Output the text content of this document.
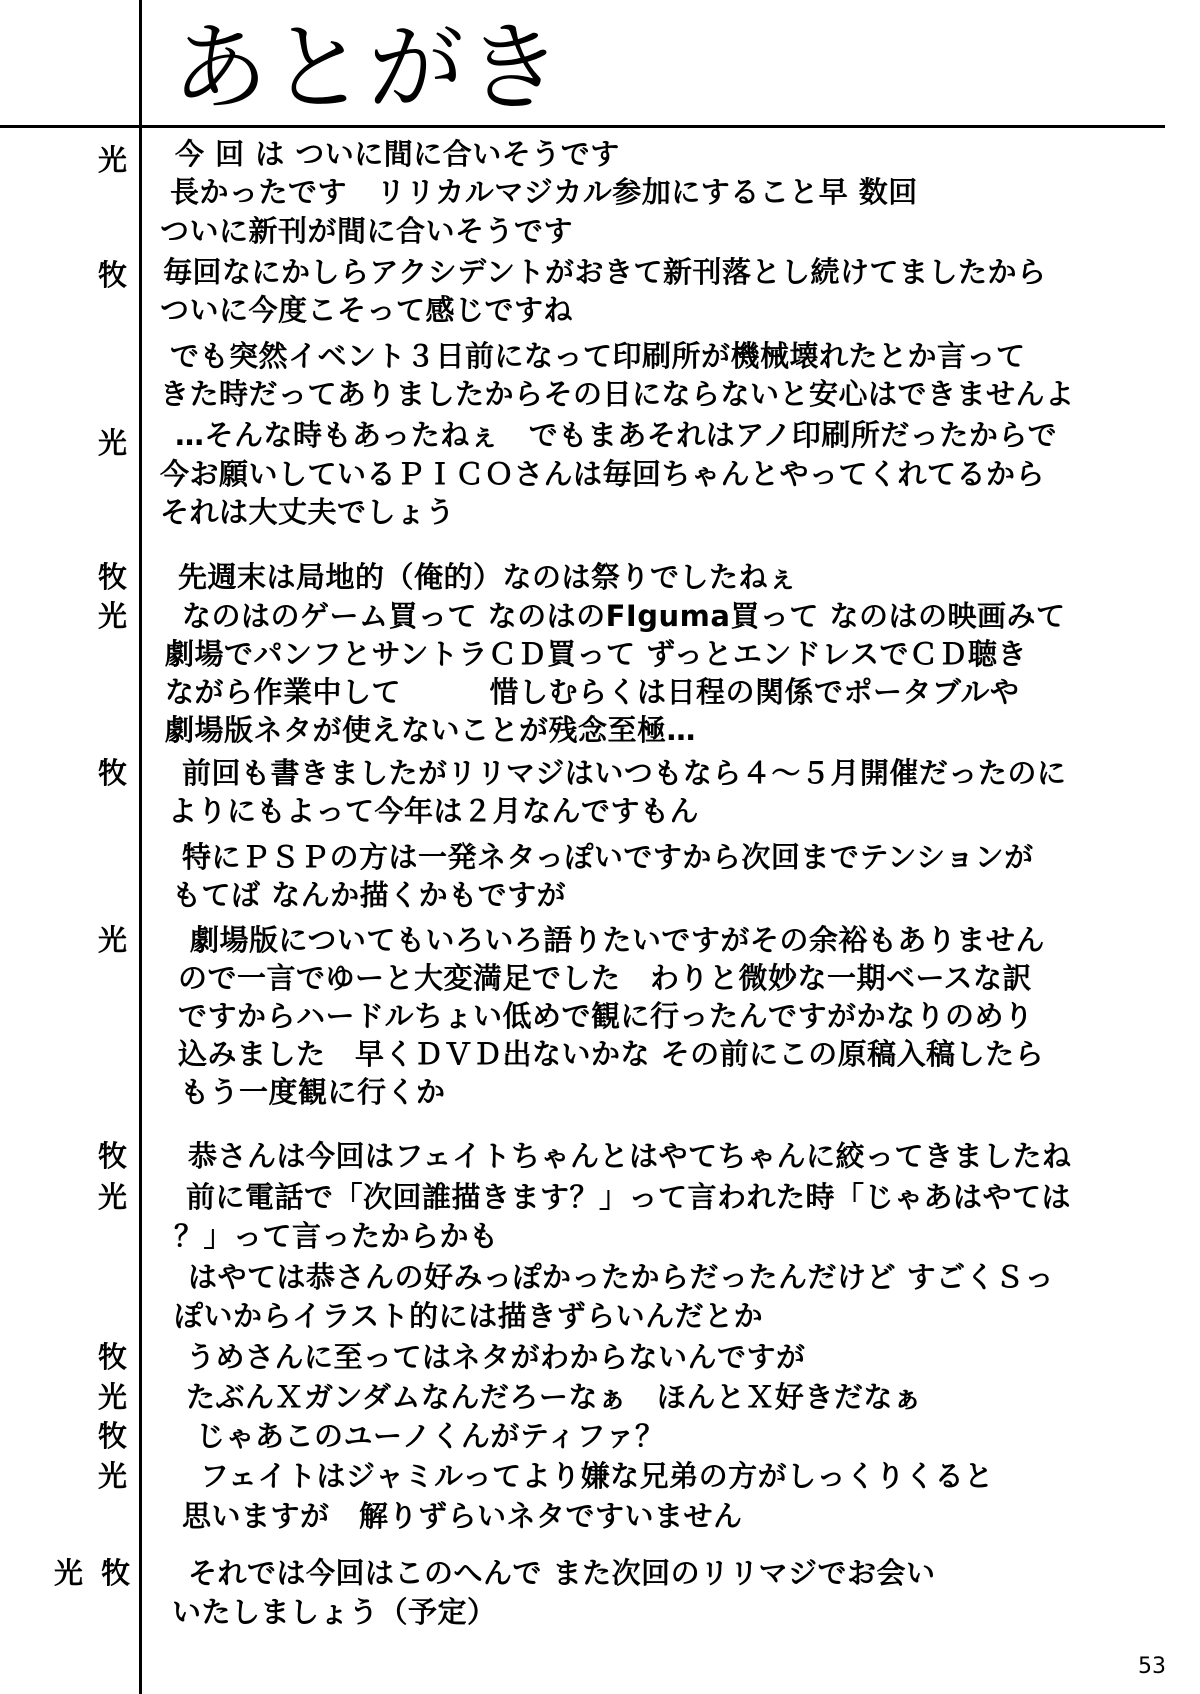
あとがき
光
牧
光
牧
光
牧
光
牧
光
牧
光
牧
光
光 牧
今 回 は ついに間に合いそうです
長かったです　リリカルマジカル参加にすること早 数回
ついに新刊が間に合いそうです
毎回なにかしらアクシデントがおきて新刊落とし続けてましたから
ついに今度こそって感じですね
でも突然イベント３日前になって印刷所が機械壊れたとか言って
きた時だってありましたからその日にならないと安心はできませんよ
…そんな時もあったねぇ　でもまあそれはアノ印刷所だったからで
今お願いしているＰＩＣＯさんは毎回ちゃんとやってくれてるから
それは大丈夫でしょう
先週末は局地的（俺的）なのは祭りでしたねぇ
なのはのゲーム買って なのはのFIguma買って なのはの映画みて
劇場でパンフとサントラＣＤ買って ずっとエンドレスでＣＤ聴き
ながら作業中して　　　惜しむらくは日程の関係でポータブルや
劇場版ネタが使えないことが残念至極…
前回も書きましたがリリマジはいつもなら４～５月開催だったのに
よりにもよって今年は２月なんですもん
特にＰＳＰの方は一発ネタっぽいですから次回までテンションが
もてば なんか描くかもですが
劇場版についてもいろいろ語りたいですがその余裕もありません
ので一言でゆーと大変満足でした　わりと微妙な一期ベースな訳
ですからハードルちょい低めで観に行ったんですがかなりのめり
込みました　早くＤＶＤ出ないかな その前にこの原稿入稿したら
もう一度観に行くか
恭さんは今回はフェイトちゃんとはやてちゃんに絞ってきましたね
前に電話で「次回誰描きます？」って言われた時「じゃあはやては
？」って言ったからかも
はやては恭さんの好みっぽかったからだったんだけど すごくＳっ
ぽいからイラスト的には描きずらいんだとか
うめさんに至ってはネタがわからないんですが
たぶんＸガンダムなんだろーなぁ　ほんとＸ好きだなぁ
じゃあこのユーノくんがティファ？
フェイトはジャミルってより嫌な兄弟の方がしっくりくると
思いますが　解りずらいネタですいません
それでは今回はこのへんで また次回のリリマジでお会い
いたしましょう（予定）
53
